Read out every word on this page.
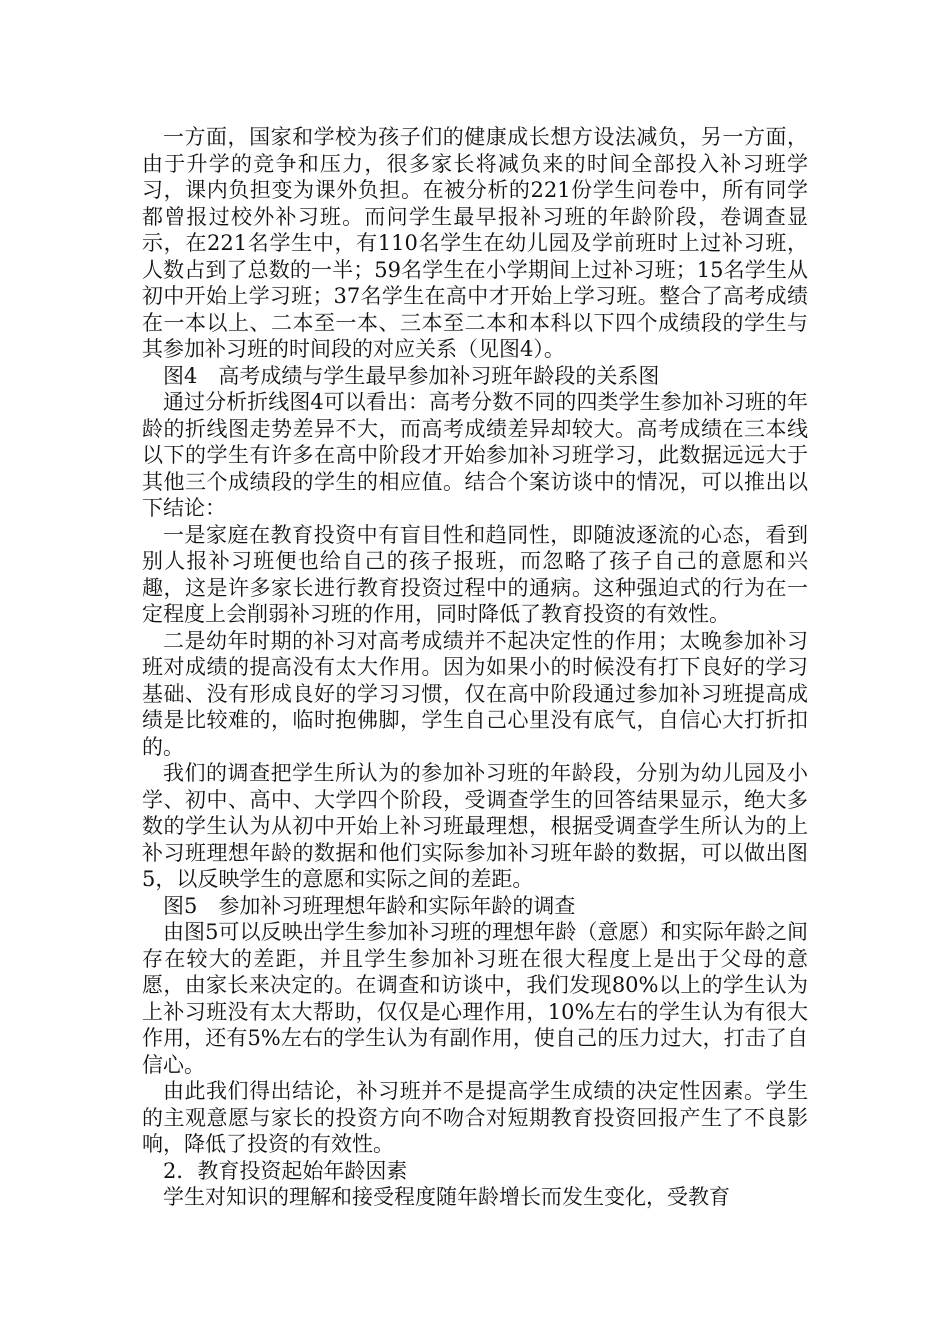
一方面，国家和学校为孩子们的健康成长想方设法减负，另一方面，由于升学的竞争和压力，很多家长将减负来的时间全部投入补习班学习，课内负担变为课外负担。在被分析的221份学生问卷中，所有同学都曾报过校外补习班。而问学生最早报补习班的年龄阶段，卷调查显示，在221名学生中，有110名学生在幼儿园及学前班时上过补习班，人数占到了总数的一半；59名学生在小学期间上过补习班；15名学生从初中开始上学习班；37名学生在高中才开始上学习班。整合了高考成绩在一本以上、二本至一本、三本至二本和本科以下四个成绩段的学生与其参加补习班的时间段的对应关系（见图4）。

图4　高考成绩与学生最早参加补习班年龄段的关系图

通过分析折线图4可以看出：高考分数不同的四类学生参加补习班的年龄的折线图走势差异不大，而高考成绩差异却较大。高考成绩在三本线以下的学生有许多在高中阶段才开始参加补习班学习，此数据远远大于其他三个成绩段的学生的相应值。结合个案访谈中的情况，可以推出以下结论：

一是家庭在教育投资中有盲目性和趋同性，即随波逐流的心态，看到别人报补习班便也给自己的孩子报班，而忽略了孩子自己的意愿和兴趣，这是许多家长进行教育投资过程中的通病。这种强迫式的行为在一定程度上会削弱补习班的作用，同时降低了教育投资的有效性。

二是幼年时期的补习对高考成绩并不起决定性的作用；太晚参加补习班对成绩的提高没有太大作用。因为如果小的时候没有打下良好的学习基础、没有形成良好的学习习惯，仅在高中阶段通过参加补习班提高成绩是比较难的，临时抱佛脚，学生自己心里没有底气，自信心大打折扣的。

我们的调查把学生所认为的参加补习班的年龄段，分别为幼儿园及小学、初中、高中、大学四个阶段，受调查学生的回答结果显示，绝大多数的学生认为从初中开始上补习班最理想，根据受调查学生所认为的上补习班理想年龄的数据和他们实际参加补习班年龄的数据，可以做出图5，以反映学生的意愿和实际之间的差距。

图5　参加补习班理想年龄和实际年龄的调查

由图5可以反映出学生参加补习班的理想年龄（意愿）和实际年龄之间存在较大的差距，并且学生参加补习班在很大程度上是出于父母的意愿，由家长来决定的。在调查和访谈中，我们发现80%以上的学生认为上补习班没有太大帮助，仅仅是心理作用，10%左右的学生认为有很大作用，还有5%左右的学生认为有副作用，使自己的压力过大，打击了自信心。

由此我们得出结论，补习班并不是提高学生成绩的决定性因素。学生的主观意愿与家长的投资方向不吻合对短期教育投资回报产生了不良影响，降低了投资的有效性。

2．教育投资起始年龄因素

学生对知识的理解和接受程度随年龄增长而发生变化，受教育
